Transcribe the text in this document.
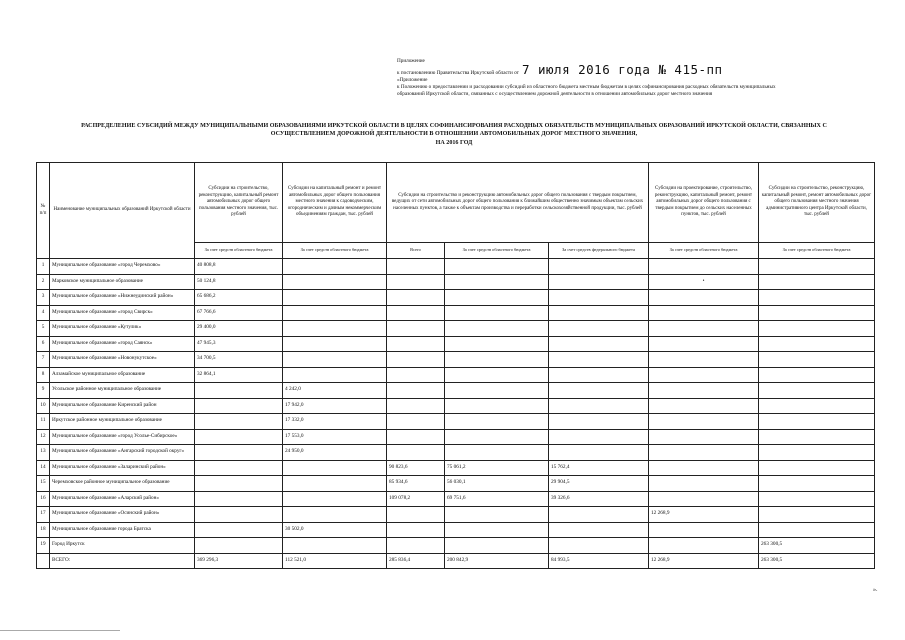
Приложение
к постановлению Правительства Иркутской области от 7 июля 2016 года № 415-пп
«Приложение
к Положению о предоставлении и расходовании субсидий из областного бюджета местным бюджетам в целях софинансирования расходных обязательств муниципальных
образований Иркутской области, связанных с осуществлением дорожной деятельности в отношении автомобильных дорог местного значения
РАСПРЕДЕЛЕНИЕ СУБСИДИЙ МЕЖДУ МУНИЦИПАЛЬНЫМИ ОБРАЗОВАНИЯМИ ИРКУТСКОЙ ОБЛАСТИ В ЦЕЛЯХ СОФИНАНСИРОВАНИЯ РАСХОДНЫХ ОБЯЗАТЕЛЬСТВ МУНИЦИПАЛЬНЫХ ОБРАЗОВАНИЙ ИРКУТСКОЙ ОБЛАСТИ, СВЯЗАННЫХ С
ОСУЩЕСТВЛЕНИЕМ ДОРОЖНОЙ ДЕЯТЕЛЬНОСТИ В ОТНОШЕНИИ АВТОМОБИЛЬНЫХ ДОРОГ МЕСТНОГО ЗНАЧЕНИЯ,
НА 2016 ГОД
№ п/п	Наименование муниципальных образований Иркутской области	Субсидии на строительство, реконструкцию, капитальный ремонт автомобильных дорог общего пользования местного значения, тыс. рублей	Субсидии на капитальный ремонт и ремонт автомобильных дорог общего пользования местного значения к садоводческим, огородническим и дачным некоммерческим объединениям граждан, тыс. рублей	Субсидии на строительство и реконструкцию автомобильных дорог общего пользования с твердым покрытием, ведущих от сети автомобильных дорог общего пользования к ближайшим общественно значимым объектам сельских населенных пунктов, а также к объектам производства и переработки сельскохозяйственной продукции, тыс. рублей			Субсидии на проектирование, строительство, реконструкцию, капитальный ремонт, ремонт автомобильных дорог общего пользования с твердым покрытием до сельских населенных пунктов, тыс. рублей	Субсидии на строительство, реконструкцию, капитальный ремонт, ремонт автомобильных дорог общего пользования местного значения административного центра Иркутской области, тыс. рублей
		За счет средств областного бюджета	За счет средств областного бюджета	Всего	За счет средств областного бюджета	За счет средств федерального бюджета	За счет средств областного бюджета	За счет средств областного бюджета
1	Муниципальное образование «город Черемхово»	40 808,8						
2	Марковское муниципальное образование	50 124,8					•	
3	Муниципальное образование «Нижнеудинский район»	65 686,2						
4	Муниципальное образование «город Свирск»	67 766,6						
5	Муниципальное образование «Кутулик»	29 400,0						
6	Муниципальное образование «город Саянск»	47 945,3						
7	Муниципальное образование «Новонукутское»	34 700,5						
8	Алзамайское муниципальное образование	32 864,1						
9	Усольское районное муниципальное образование		4 242,0					
10	Муниципальное образование Киренский район		17 942,0					
11	Иркутское районное муниципальное образование		17 332,0					
12	Муниципальное образование «город Усолье-Сибирское»		17 553,0					
13	Муниципальное образование «Ангарский городской округ»		24 950,0					
14	Муниципальное образование «Заларинский район»			90 823,6	75 061,2	15 762,4		
15	Черемховское районное муниципальное образование			85 934,6	56 030,1	29 904,5		
16	Муниципальное образование «Аларский район»			109 078,2	69 751,6	39 326,6		
17	Муниципальное образование «Осинский район»						12 268,9	
18	Муниципальное образование города Братска		30 502,0					
19	Город Иркутск							263 300,5
	ВСЕГО:	369 296,3	112 521,0	285 836,4	200 842,9	84 993,5	12 268,9	263 300,5
».
